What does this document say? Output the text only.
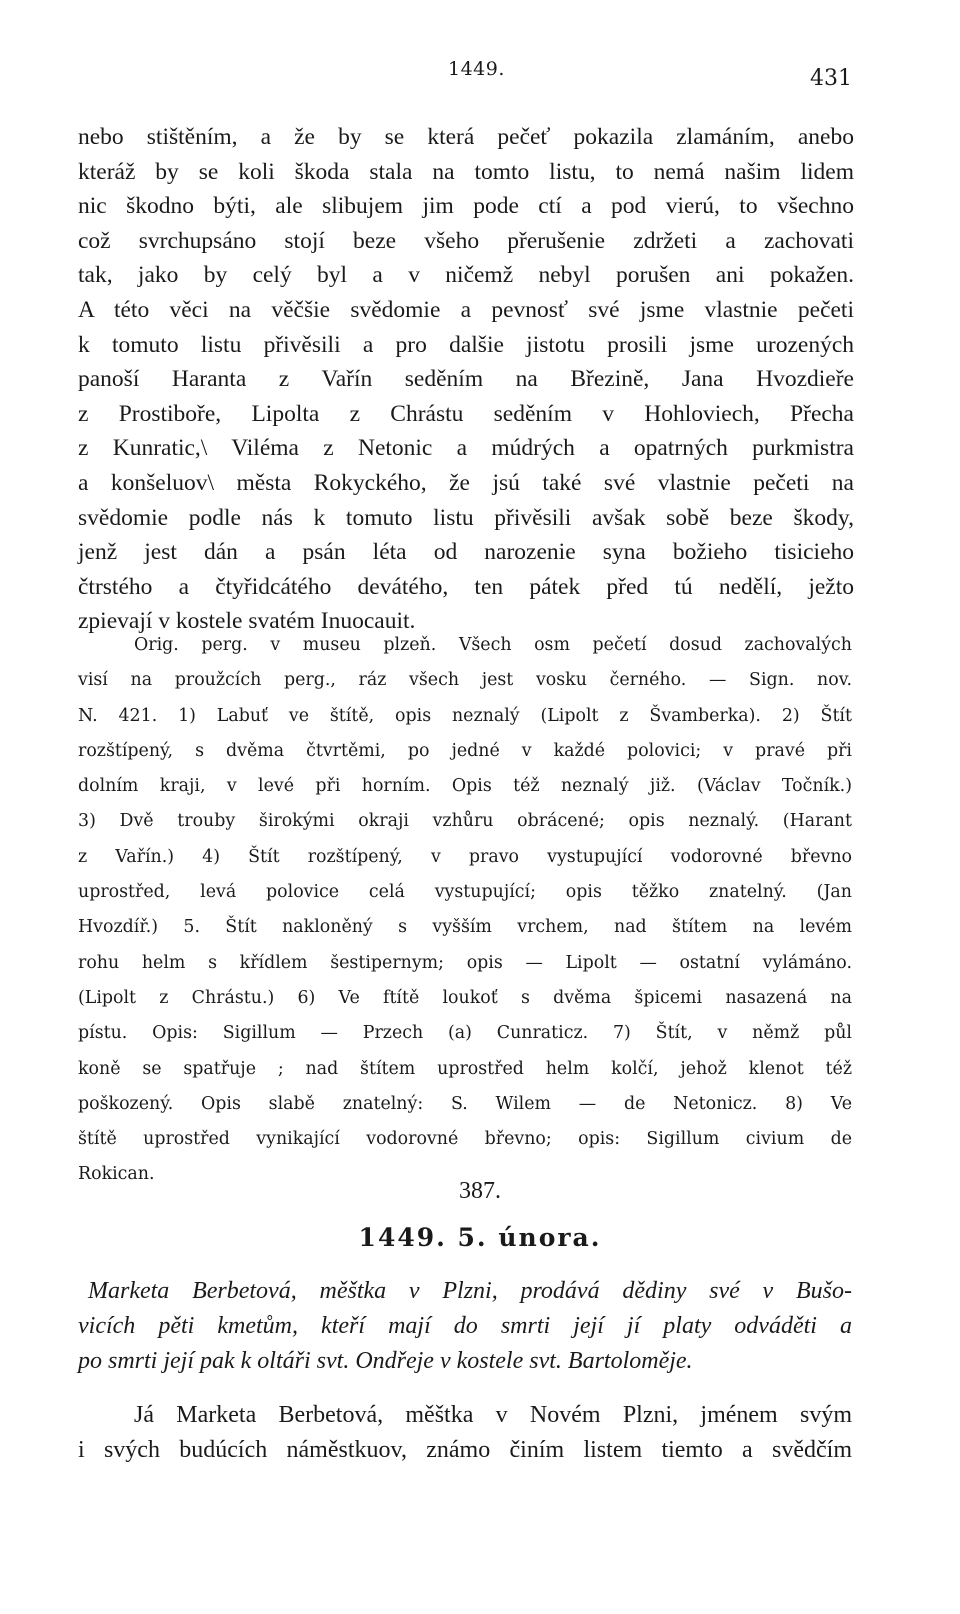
1449.	431
nebo stištěním, a že by se která pečeť pokazila zlamáním, anebo
kteráž by se koli škoda stala na tomto listu, to nemá našim lidem
nic škodno býti, ale slibujem jim pode ctí a pod vierú, to všechno
což svrchupsáno stojí beze všeho přerušenie zdržeti a zachovati
tak, jako by celý byl a v ničemž nebyl porušen ani pokažen.
A této věci na věčšie svědomie a pevnosť své jsme vlastnie pečeti
k tomuto listu přivěsili a pro dalšie jistotu prosili jsme urozených
panoší Haranta z Vařín seděním na Březině, Jana Hvozdieře
z Prostiboře, Lipolta z Chrástu seděním v Hohloviech, Přecha
z Kunratic,\ Viléma z Netonic a múdrých a opatrných purkmistra
a konšeluov\ města Rokyckého, že jsú také své vlastnie pečeti na
svědomie podle nás k tomuto listu přivěsili avšak sobě beze škody,
jenž jest dán a psán léta od narozenie syna božieho tisicieho
čtrstého a čtyřidcátého devátého, ten pátek před tú nedělí, ježto
zpievají v kostele svatém Inuocauit.
Orig. perg. v museu plzeň. Všech osm pečetí dosud zachovalých
visí na proužcích perg., ráz všech jest vosku černého. — Sign. nov.
N. 421. 1) Labuť ve štítě, opis neznalý (Lipolt z Švamberka). 2) Štít
rozštípený, s dvěma čtvrtěmi, po jedné v každé polovici; v pravé při
dolním kraji, v levé při horním. Opis též neznalý již. (Václav Točník.)
3) Dvě trouby širokými okraji vzhůru obrácené; opis neznalý. (Harant
z Vařín.) 4) Štít rozštípený, v pravo vystupující vodorovné břevno
uprostřed, levá polovice celá vystupující; opis těžko znatelný. (Jan
Hvozdíř.) 5. Štít nakloněný s vyšším vrchem, nad štítem na levém
rohu helm s křídlem šestipernym; opis — Lipolt — ostatní vylámáno.
(Lipolt z Chrástu.) 6) Ve ftítě loukoť s dvěma špicemi nasazená na
pístu. Opis: Sigillum — Przech (a) Cunraticz. 7) Štít, v němž půl
koně se spatřuje ; nad štítem uprostřed helm kolčí, jehož klenot též
poškozený. Opis slabě znatelný: S. Wilem — de Netonicz. 8) Ve
štítě uprostřed vynikající vodorovné břevno; opis: Sigillum civium de
Rokican.
387.
1449. 5. února.
Marketa Berbetová, měštka v Plzni, prodává dědiny své v Bušo-
vicích pěti kmetům, kteří mají do smrti její jí platy odváděti a
po smrti její pak k oltáři svt. Ondřeje v kostele svt. Bartoloměje.
Já Marketa Berbetová, měštka v Novém Plzni, jménem svým
i svých budúcích náměstkuov, známo činím listem tiemto a svědčím
